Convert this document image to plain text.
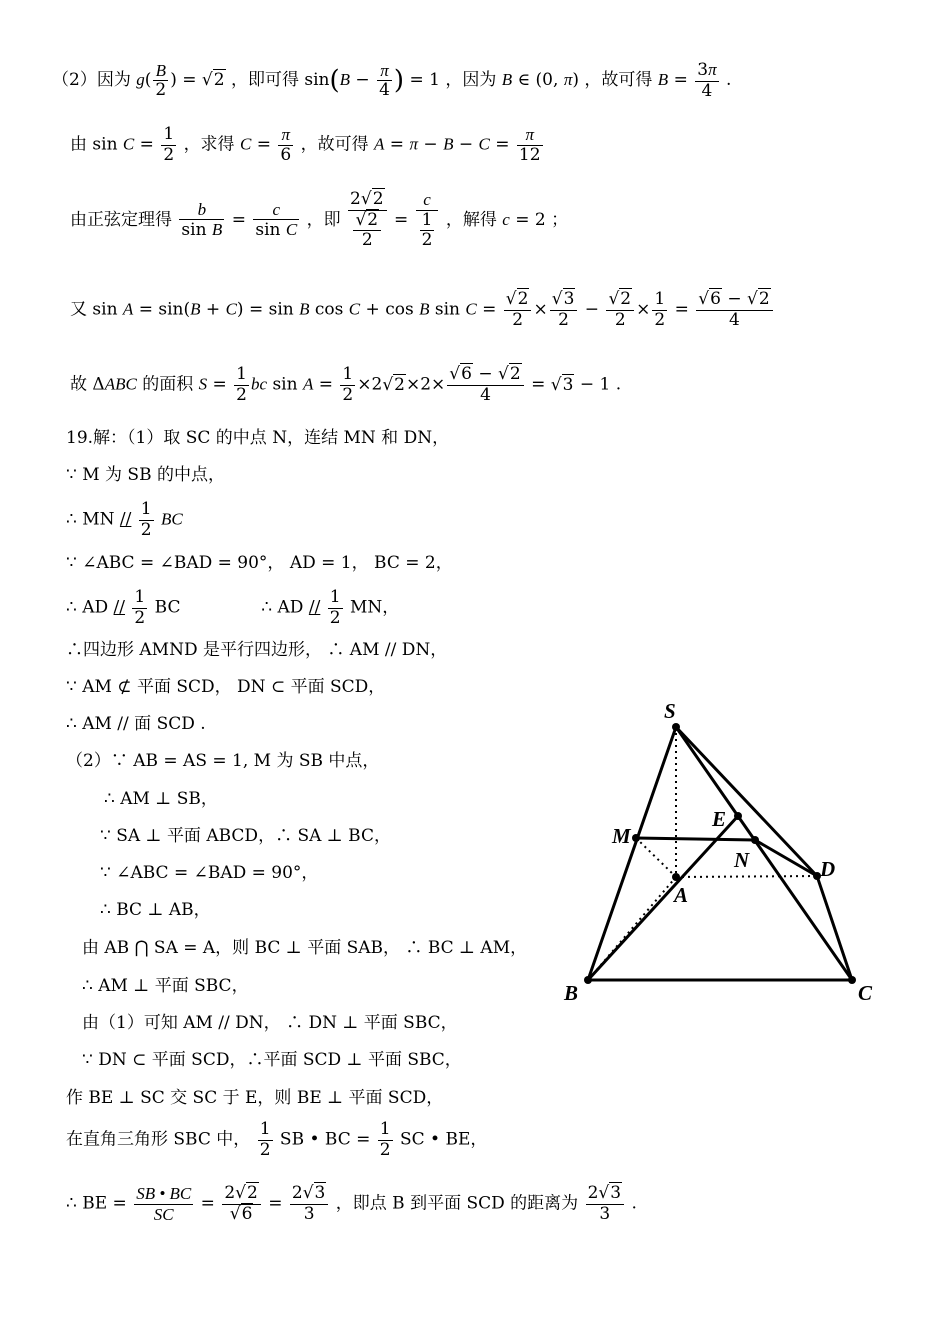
（2）因为 $g( \frac{B}{2}$ ) = √2 ，即可得 $\sin(B - \frac{\pi}{4}$ ) = 1 ，因为 B ∈ (0, π) ，故可得 $B = \frac{3\pi}{4}$ .
由 $\sin C = \frac{1}{2}$ ，求得 $C = \frac{\pi}{6}$ ，故可得 $A = \pi - B - C = \frac{\pi}{12}$
由正弦定理得 $\frac{b}{\text{sin B}} = \frac{c}{\text{sin C}}$ ，即 $\frac{2√2}{\frac{√2}{2}} = \frac{c}{\frac{1}{2}}$ ，解得 c = 2 ；
又 sin A = sin(B + C) = sin B cos C + cos B $\sin C = \frac{√2}{2} \times \frac{√3}{2} - \frac{√2}{2} \times \frac{1}{2} = \frac{√6 - √2}{4}$
故 ΔABC 的面积 $S = \frac{1}{2}$ bc $\sin A = \frac{1}{2} \times 2√2\times 2\times \frac{√6 - √2}{4} = √3 - 1$ .
19.解：（1）取 SC 的中点 N，连结 MN 和 DN，
∵ M 为 SB 的中点，
∴ MN // $\frac{1}{2}$ BC
∵ ∠ABC = ∠BAD = 90°， AD = 1， BC = 2，
∴ AD // $\frac{1}{2}$ BC	∴ AD // $\frac{1}{2}$ MN，
∴四边形 AMND 是平行四边形， ∴ AM // DN，
∵ AM ⊄ 平面 SCD， DN ⊂ 平面 SCD，
∴ AM // 面 SCD .
（2）∵ AB = AS = 1, M 为 SB 中点，
∴ AM ⊥ SB，
∵ SA ⊥ 平面 ABCD，∴ SA ⊥ BC，
∵ ∠ABC = ∠BAD = 90°，
∴ BC ⊥ AB，
由 AB ⋂ SA = A，则 BC ⊥ 平面 SAB， ∴ BC ⊥ AM，
∴ AM ⊥ 平面 SBC，
由（1）可知 AM // DN， ∴ DN ⊥ 平面 SBC，
∵ DN ⊂ 平面 SCD，∴平面 SCD ⊥ 平面 SBC，
作 BE ⊥ SC 交 SC 于 E，则 BE ⊥ 平面 SCD，
在直角三角形 SBC 中， $\frac{1}{2}$ SB • BC = $\frac{1}{2}$ SC • BE，
∴ BE = $\frac{SB • BC}{SC} = \frac{2√2}{√6} = \frac{2√3}{3}$ ，即点 B 到平面 SCD 的距离为 $\frac{2√3}{3}$ .
S
E
M
N	D
A
B	C
